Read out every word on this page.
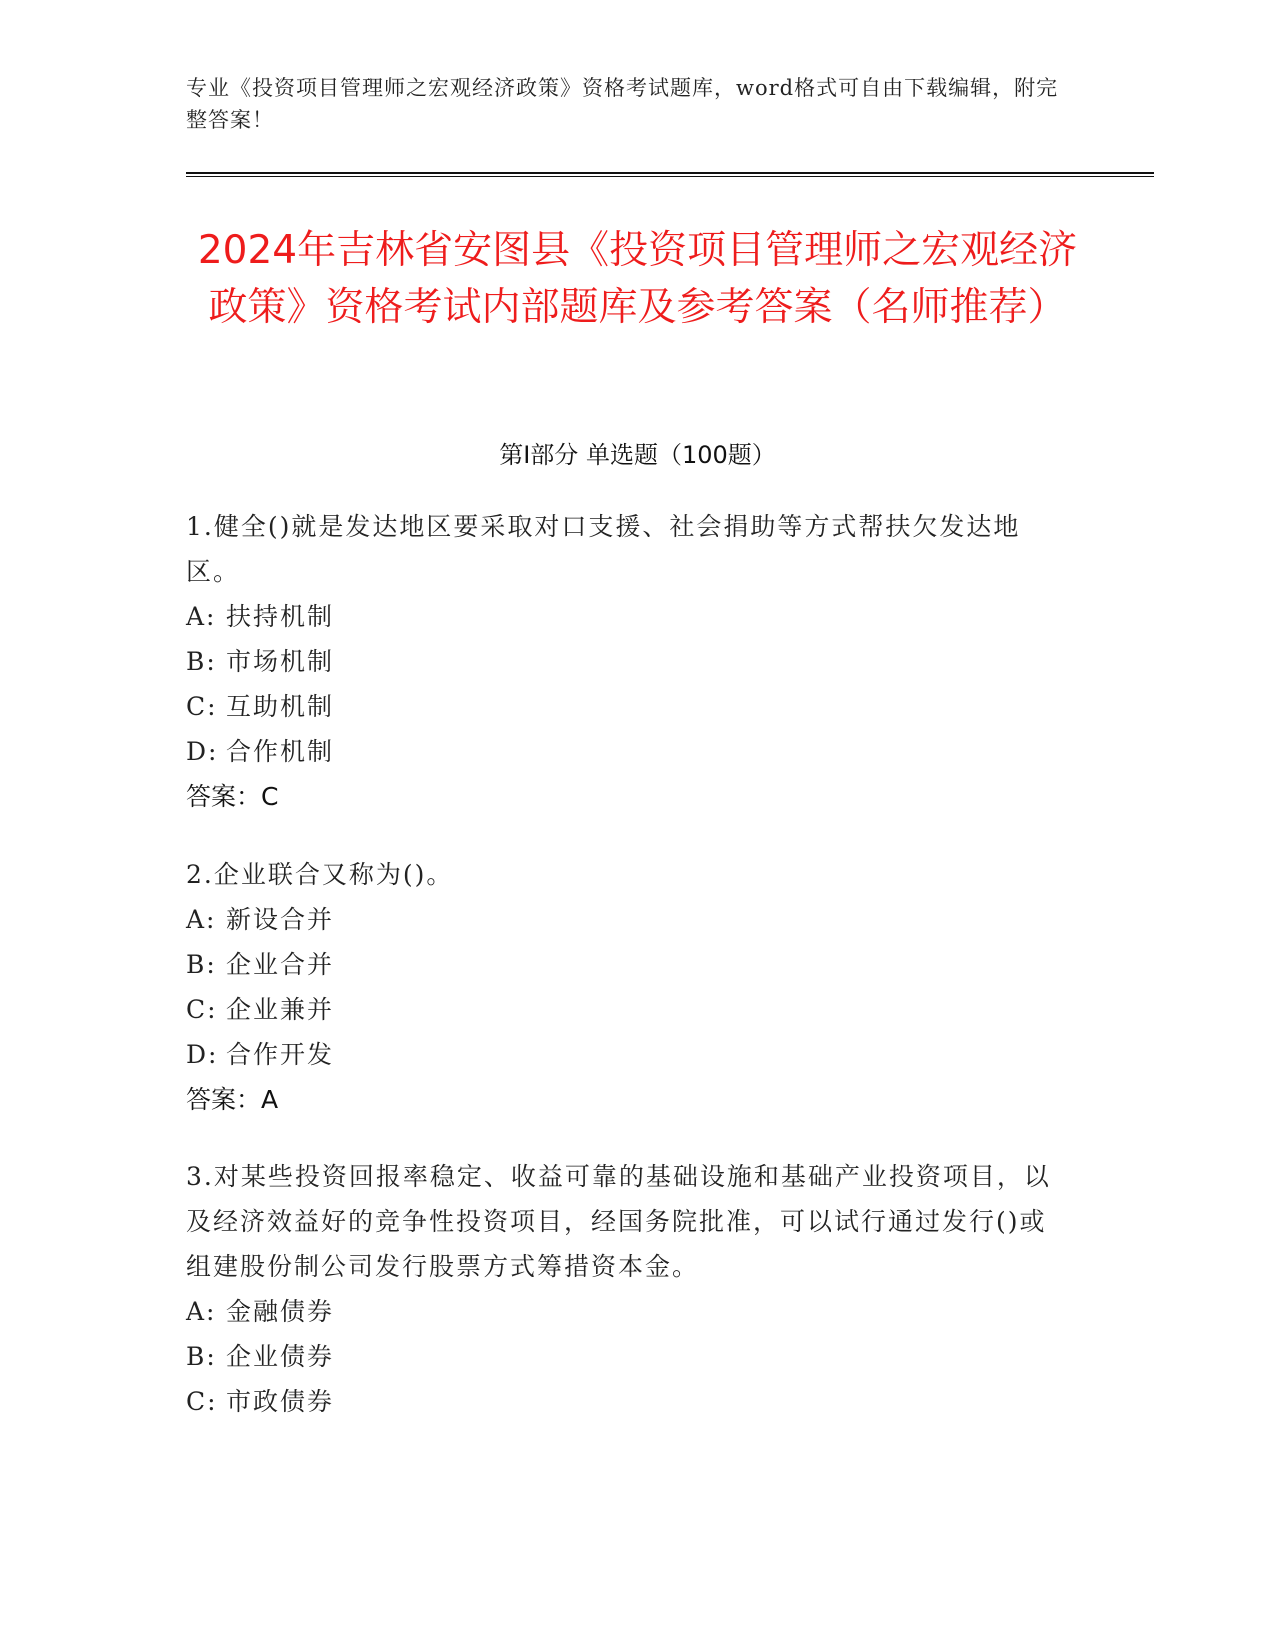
专业《投资项目管理师之宏观经济政策》资格考试题库，word格式可自由下载编辑，附完整答案！
2024年吉林省安图县《投资项目管理师之宏观经济政策》资格考试内部题库及参考答案（名师推荐）
第I部分 单选题（100题）
1.健全()就是发达地区要采取对口支援、社会捐助等方式帮扶欠发达地区。
A: 扶持机制
B: 市场机制
C: 互助机制
D: 合作机制
答案：C
2.企业联合又称为()。
A: 新设合并
B: 企业合并
C: 企业兼并
D: 合作开发
答案：A
3.对某些投资回报率稳定、收益可靠的基础设施和基础产业投资项目，以及经济效益好的竞争性投资项目，经国务院批准，可以试行通过发行()或组建股份制公司发行股票方式筹措资本金。
A: 金融债券
B: 企业债券
C: 市政债券
